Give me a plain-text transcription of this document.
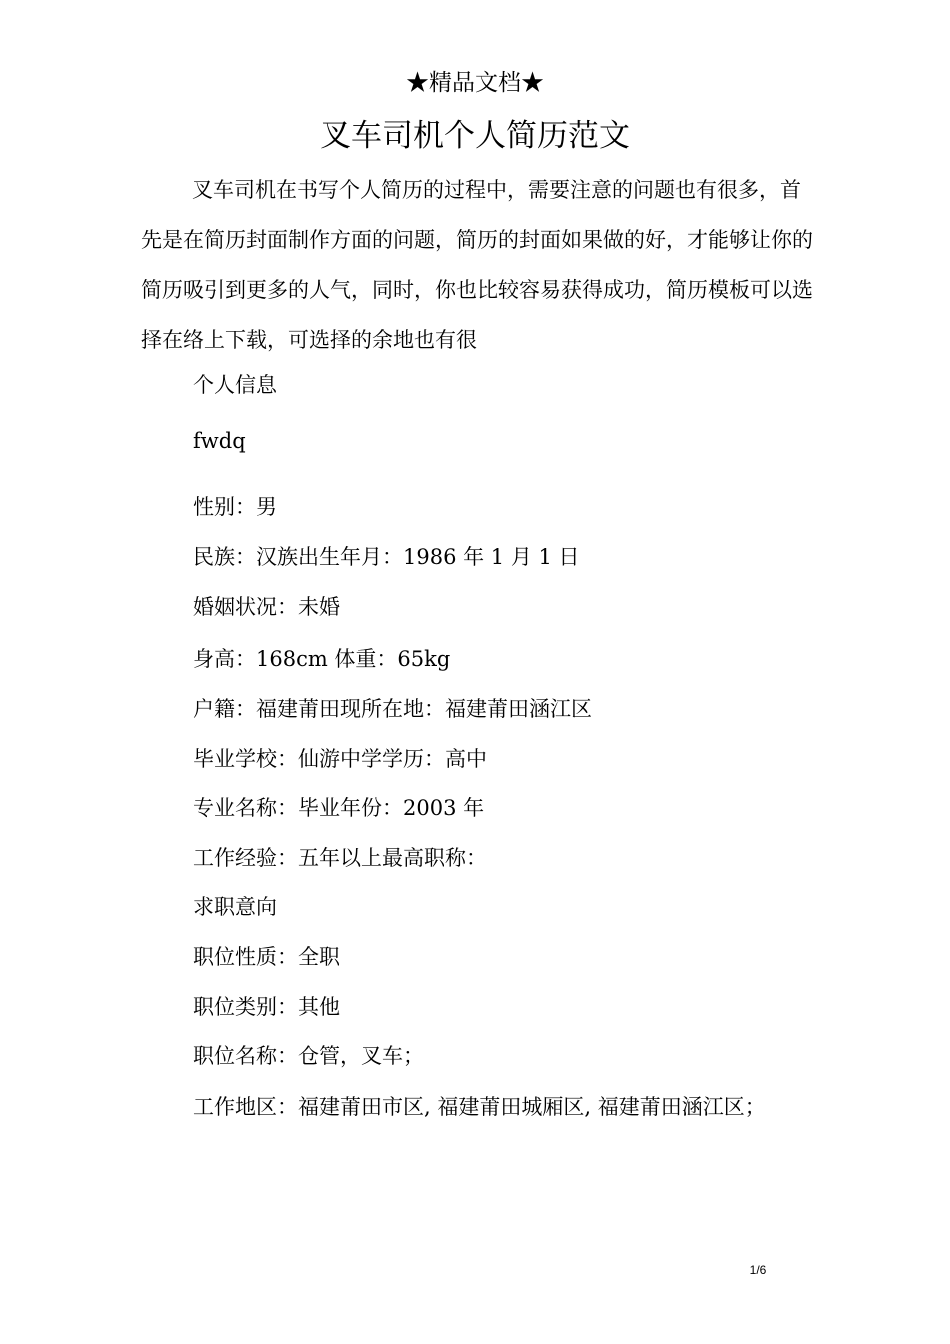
★精品文档★
叉车司机个人简历范文

叉车司机在书写个人简历的过程中，需要注意的问题也有很多，首先是在简历封面制作方面的问题，简历的封面如果做的好，才能够让你的简历吸引到更多的人气，同时，你也比较容易获得成功，简历模板可以选择在络上下载，可选择的余地也有很

个人信息

fwdq

性别：男

民族：汉族出生年月：1986 年 1 月 1 日

婚姻状况：未婚

身高：168cm 体重：65kg

户籍：福建莆田现所在地：福建莆田涵江区

毕业学校：仙游中学学历：高中

专业名称：毕业年份：2003 年

工作经验：五年以上最高职称：

求职意向

职位性质：全职

职位类别：其他

职位名称：仓管，叉车；

工作地区：福建莆田市区, 福建莆田城厢区, 福建莆田涵江区；

1/6
